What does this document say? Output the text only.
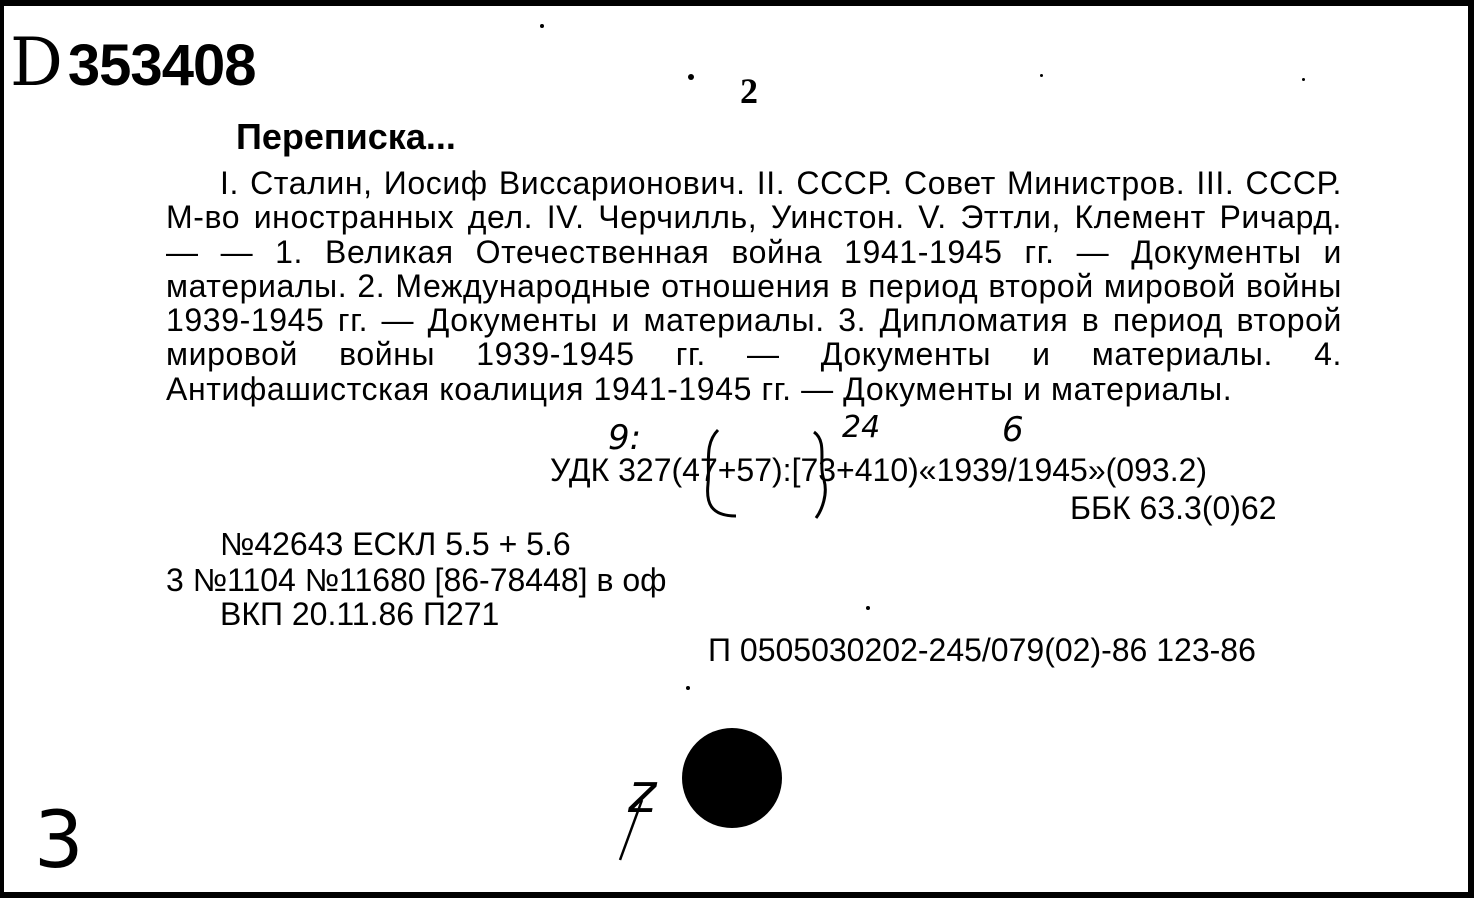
D 353408	2
Переписка...
I. Сталин, Иосиф Виссарионович. II. СССР. Совет Министров. III. СССР. М-во иностранных дел. IV. Черчилль, Уинстон. V. Эттли, Клемент Ричард. — — 1. Великая Отечественная война 1941-1945 гг. — Документы и материалы. 2. Международные отношения в период второй мировой войны 1939-1945 гг. — Документы и материалы. 3. Дипломатия в период второй мировой войны 1939-1945 гг. — Документы и материалы. 4. Антифашистская коалиция 1941-1945 гг. — Документы и материалы.
9:	24	6
УДК 327(47+57):[73+410)«1939/1945»(093.2)
ББК 63.3(0)62
№42643 ЕСКЛ 5.5 + 5.6
3 №1104 №11680 [86-78448] в оф
ВКП 20.11.86 П271
П 0505030202-245/079(02)-86 123-86
3
z
